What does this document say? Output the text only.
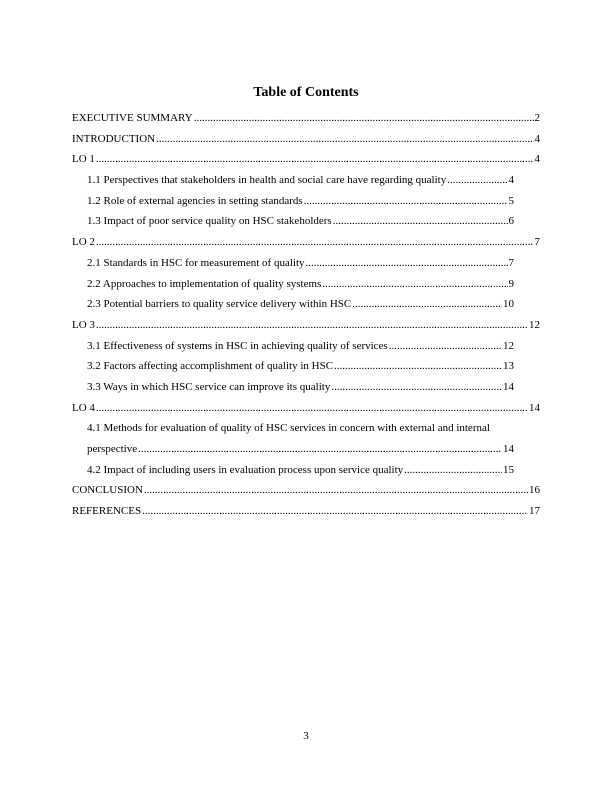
Table of Contents
EXECUTIVE SUMMARY .....	2
INTRODUCTION .....	4
LO 1 .....	4
1.1 Perspectives that stakeholders in health and social care have regarding quality .....	4
1.2 Role of external agencies in setting standards .....	5
1.3 Impact of poor service quality on HSC stakeholders .....	6
LO 2 .....	7
2.1 Standards in HSC for measurement of quality .....	7
2.2 Approaches to implementation of quality systems .....	9
2.3 Potential barriers to quality service delivery within HSC .....	10
LO 3 .....	12
3.1 Effectiveness of systems in HSC in achieving quality of services .....	12
3.2 Factors affecting accomplishment of quality in HSC .....	13
3.3 Ways in which HSC service can improve its quality .....	14
LO 4 .....	14
4.1 Methods for evaluation of quality of HSC services in concern with external and internal
perspective .....	14
4.2 Impact of including users in evaluation process upon service quality .....	15
CONCLUSION .....	16
REFERENCES .....	17
3
